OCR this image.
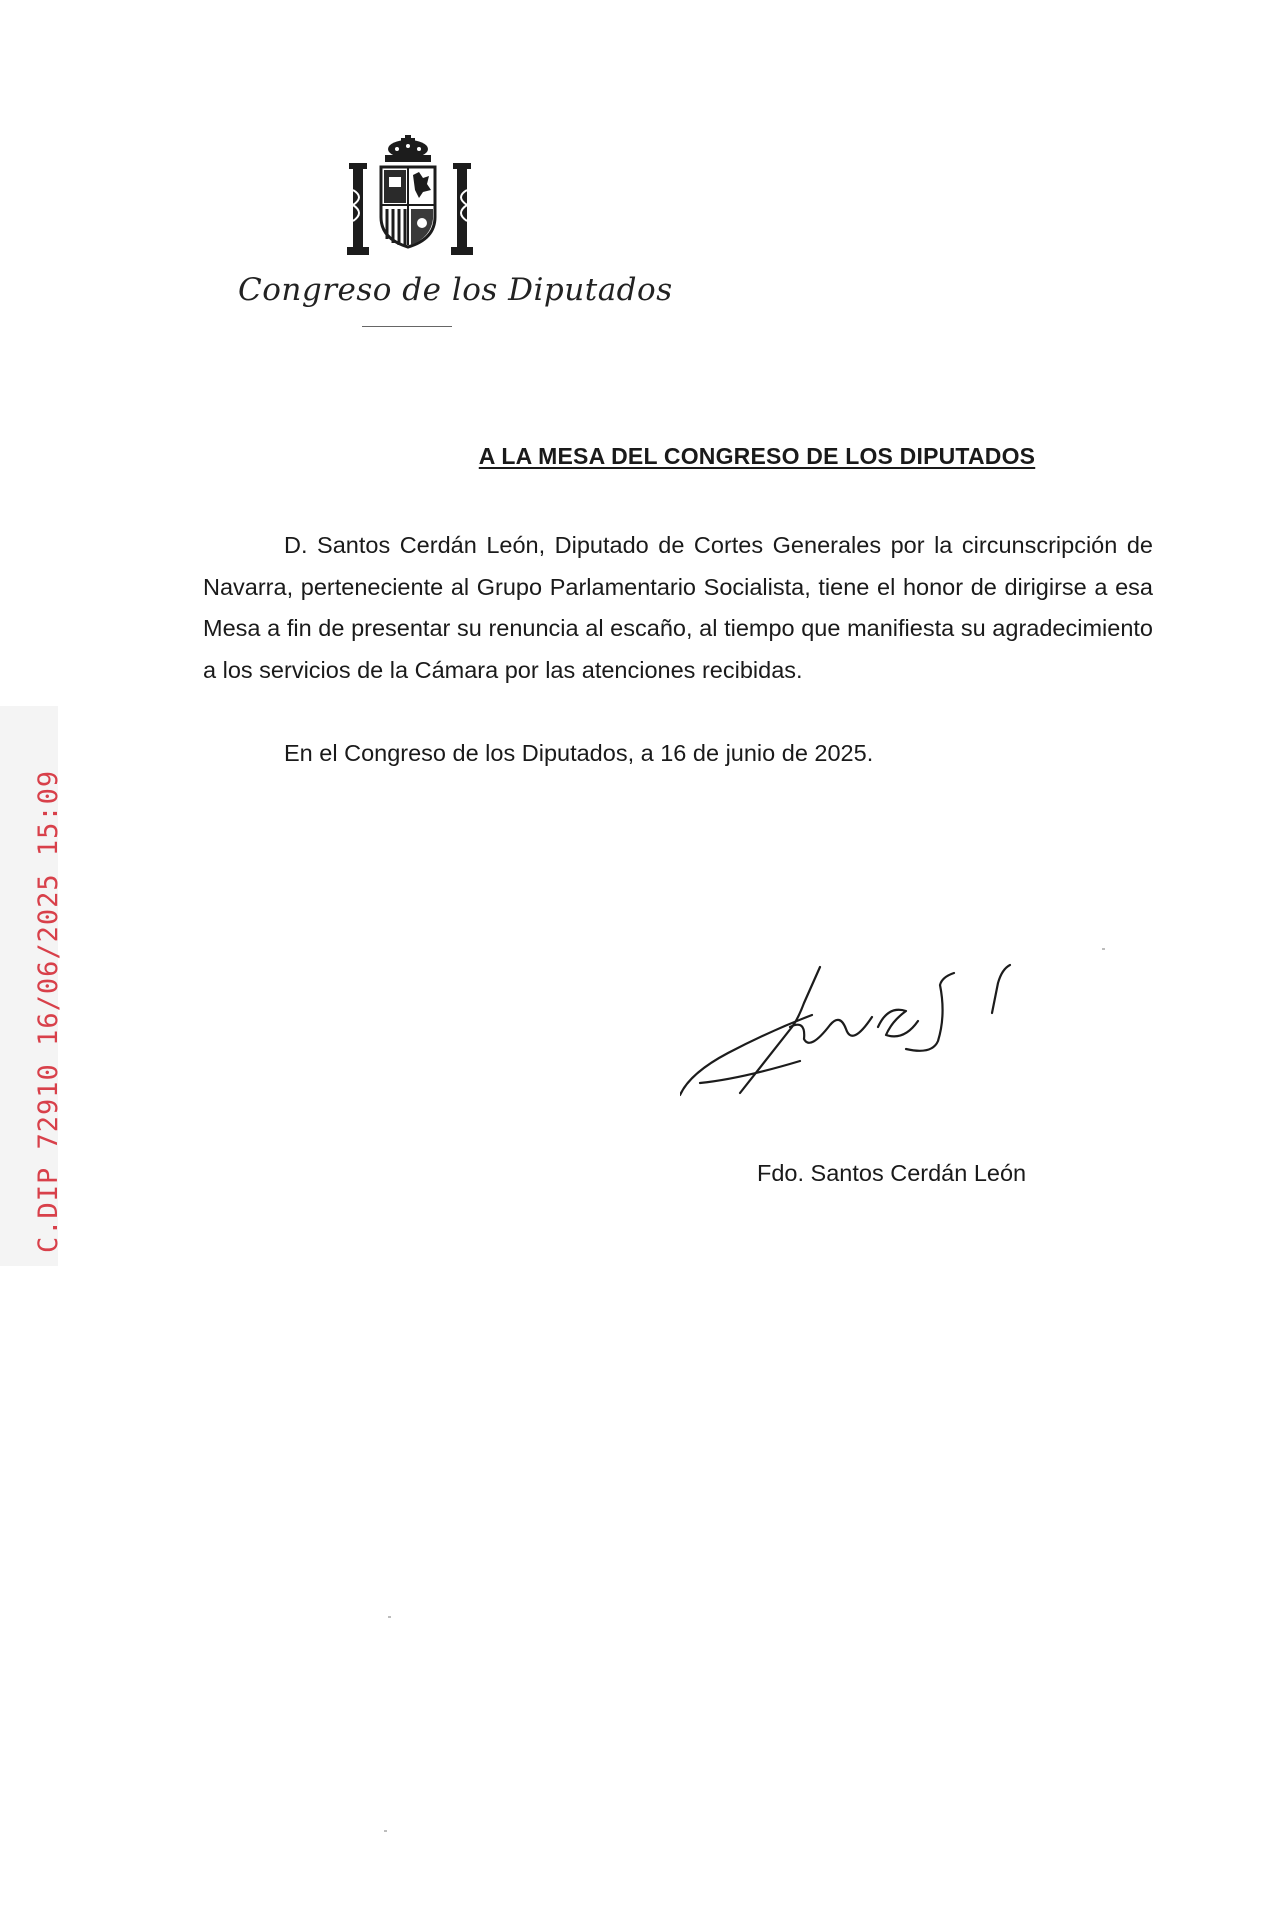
C.DIP 72910 16/06/2025 15:09
Congreso de los Diputados
A LA MESA DEL CONGRESO DE LOS DIPUTADOS

D. Santos Cerdán León, Diputado de Cortes Generales por la circunscripción de Navarra, perteneciente al Grupo Parlamentario Socialista, tiene el honor de dirigirse a esa Mesa a fin de presentar su renuncia al escaño, al tiempo que manifiesta su agradecimiento a los servicios de la Cámara por las atenciones recibidas.

En el Congreso de los Diputados, a 16 de junio de 2025.
Fdo. Santos Cerdán León
